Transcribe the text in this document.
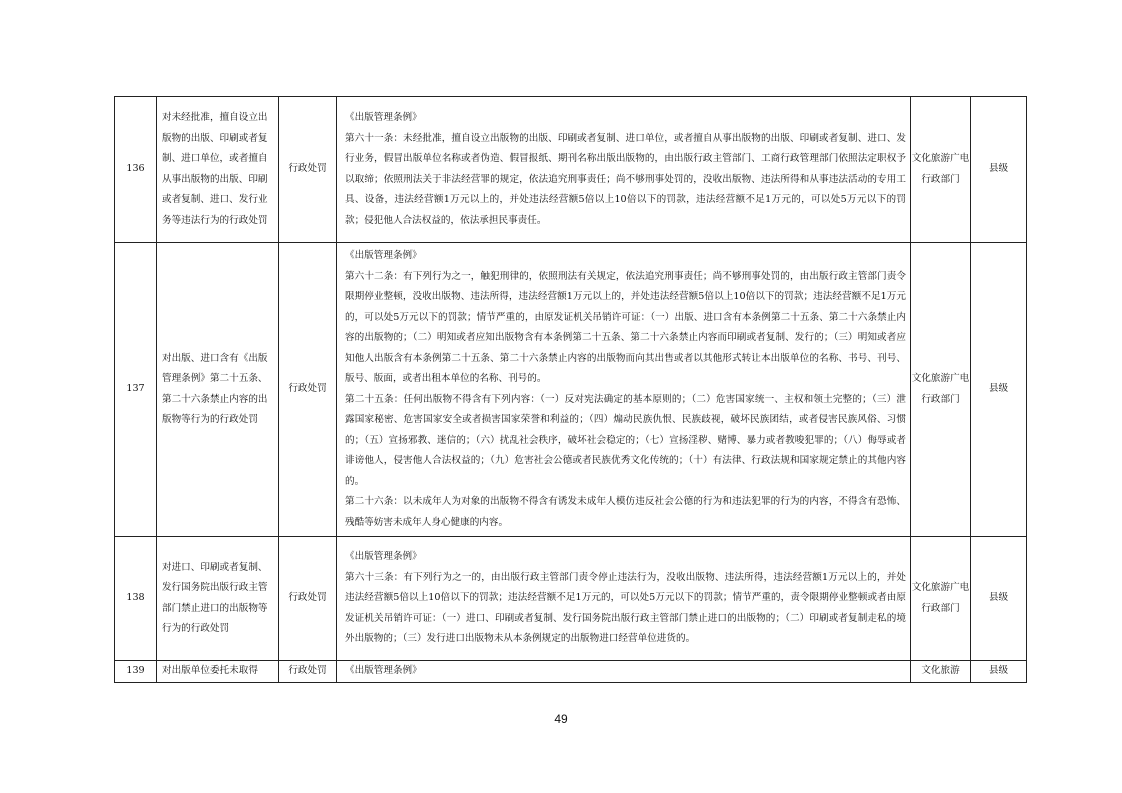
136	对未经批准，擅自设立出版物的出版、印刷或者复制、进口单位，或者擅自从事出版物的出版、印刷或者复制、进口、发行业务等违法行为的行政处罚	行政处罚	《出版管理条例》

第六十一条：未经批准，擅自设立出版物的出版、印刷或者复制、进口单位，或者擅自从事出版物的出版、印刷或者复制、进口、发行业务，假冒出版单位名称或者伪造、假冒报纸、期刊名称出版出版物的，由出版行政主管部门、工商行政管理部门依照法定职权予以取缔；依照刑法关于非法经营罪的规定，依法追究刑事责任；尚不够刑事处罚的，没收出版物、违法所得和从事违法活动的专用工具、设备，违法经营额1万元以上的，并处违法经营额5倍以上10倍以下的罚款，违法经营额不足1万元的，可以处5万元以下的罚款；侵犯他人合法权益的，依法承担民事责任。	文化旅游广电行政部门	县级
137	对出版、进口含有《出版管理条例》第二十五条、第二十六条禁止内容的出版物等行为的行政处罚	行政处罚	《出版管理条例》

第六十二条：有下列行为之一，触犯刑律的，依照刑法有关规定，依法追究刑事责任；尚不够刑事处罚的，由出版行政主管部门责令限期停业整顿，没收出版物、违法所得，违法经营额1万元以上的，并处违法经营额5倍以上10倍以下的罚款；违法经营额不足1万元的，可以处5万元以下的罚款；情节严重的，由原发证机关吊销许可证：（一）出版、进口含有本条例第二十五条、第二十六条禁止内容的出版物的；（二）明知或者应知出版物含有本条例第二十五条、第二十六条禁止内容而印刷或者复制、发行的；（三）明知或者应知他人出版含有本条例第二十五条、第二十六条禁止内容的出版物而向其出售或者以其他形式转让本出版单位的名称、书号、刊号、版号、版面，或者出租本单位的名称、刊号的。

第二十五条：任何出版物不得含有下列内容：（一）反对宪法确定的基本原则的；（二）危害国家统一、主权和领土完整的；（三）泄露国家秘密、危害国家安全或者损害国家荣誉和利益的；（四）煽动民族仇恨、民族歧视，破坏民族团结，或者侵害民族风俗、习惯的；（五）宣扬邪教、迷信的；（六）扰乱社会秩序，破坏社会稳定的；（七）宣扬淫秽、赌博、暴力或者教唆犯罪的；（八）侮辱或者诽谤他人，侵害他人合法权益的；（九）危害社会公德或者民族优秀文化传统的；（十）有法律、行政法规和国家规定禁止的其他内容的。

第二十六条：以未成年人为对象的出版物不得含有诱发未成年人模仿违反社会公德的行为和违法犯罪的行为的内容，不得含有恐怖、残酷等妨害未成年人身心健康的内容。	文化旅游广电行政部门	县级
138	对进口、印刷或者复制、发行国务院出版行政主管部门禁止进口的出版物等行为的行政处罚	行政处罚	《出版管理条例》

第六十三条：有下列行为之一的，由出版行政主管部门责令停止违法行为，没收出版物、违法所得，违法经营额1万元以上的，并处违法经营额5倍以上10倍以下的罚款；违法经营额不足1万元的，可以处5万元以下的罚款；情节严重的，责令限期停业整顿或者由原发证机关吊销许可证：（一）进口、印刷或者复制、发行国务院出版行政主管部门禁止进口的出版物的；（二）印刷或者复制走私的境外出版物的；（三）发行进口出版物未从本条例规定的出版物进口经营单位进货的。	文化旅游广电行政部门	县级
139	对出版单位委托未取得	行政处罚	《出版管理条例》	文化旅游	县级
49
